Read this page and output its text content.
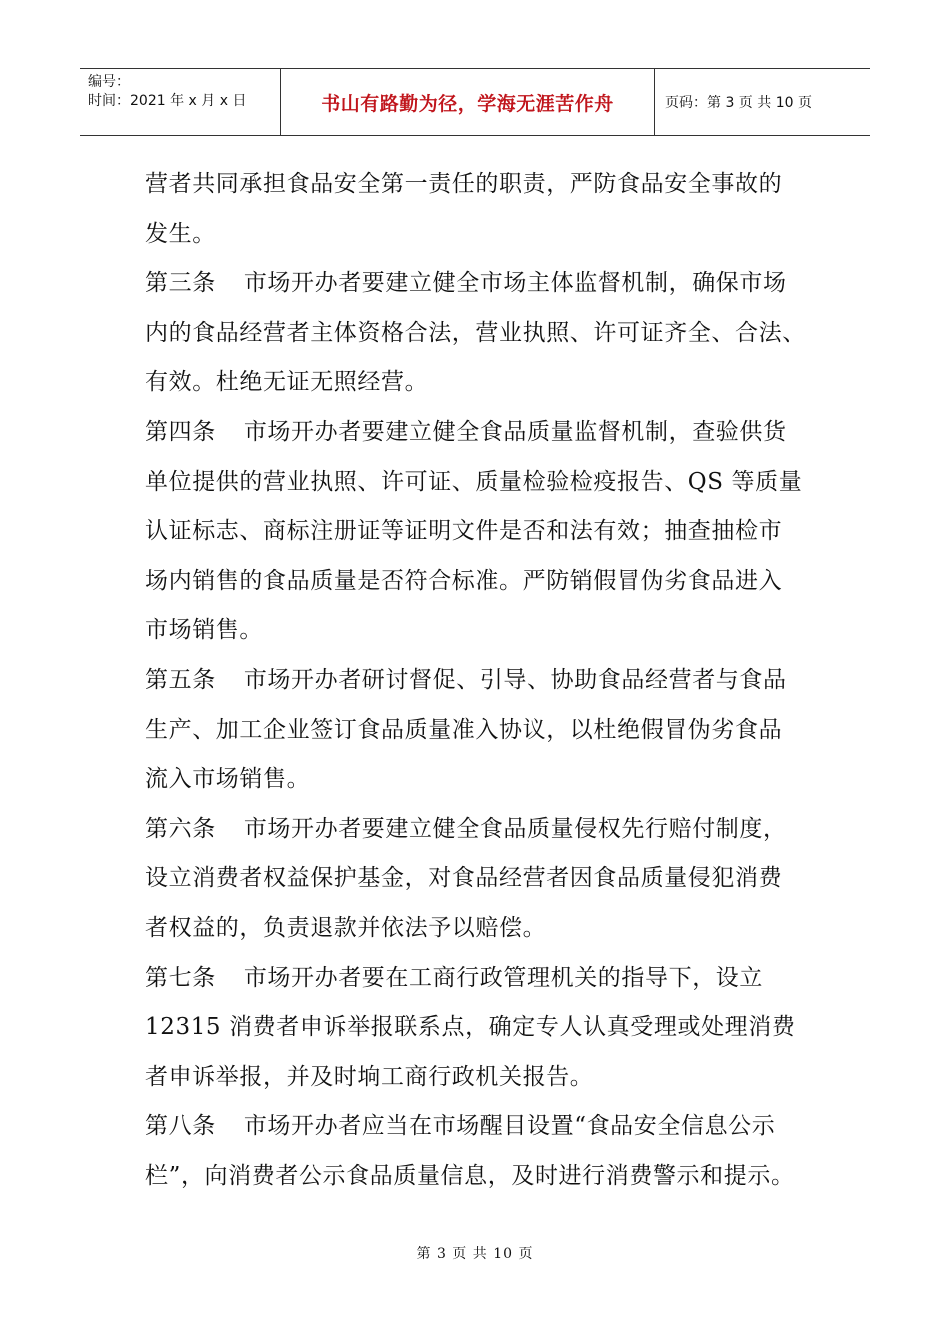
编号：
时间：2021 年 x 月 x 日	书山有路勤为径，学海无涯苦作舟	页码：第 3 页 共 10 页
营者共同承担食品安全第一责任的职责，严防食品安全事故的
发生。
第三条 市场开办者要建立健全市场主体监督机制，确保市场
内的食品经营者主体资格合法，营业执照、许可证齐全、合法、
有效。杜绝无证无照经营。
第四条 市场开办者要建立健全食品质量监督机制，查验供货
单位提供的营业执照、许可证、质量检验检疫报告、QS 等质量
认证标志、商标注册证等证明文件是否和法有效；抽查抽检市
场内销售的食品质量是否符合标准。严防销假冒伪劣食品进入
市场销售。
第五条 市场开办者研讨督促、引导、协助食品经营者与食品
生产、加工企业签订食品质量准入协议，以杜绝假冒伪劣食品
流入市场销售。
第六条 市场开办者要建立健全食品质量侵权先行赔付制度，
设立消费者权益保护基金，对食品经营者因食品质量侵犯消费
者权益的，负责退款并依法予以赔偿。
第七条 市场开办者要在工商行政管理机关的指导下，设立
12315 消费者申诉举报联系点，确定专人认真受理或处理消费
者申诉举报，并及时垧工商行政机关报告。
第八条 市场开办者应当在市场醒目设置“食品安全信息公示
栏”，向消费者公示食品质量信息，及时进行消费警示和提示。
第 3 页 共 10 页
